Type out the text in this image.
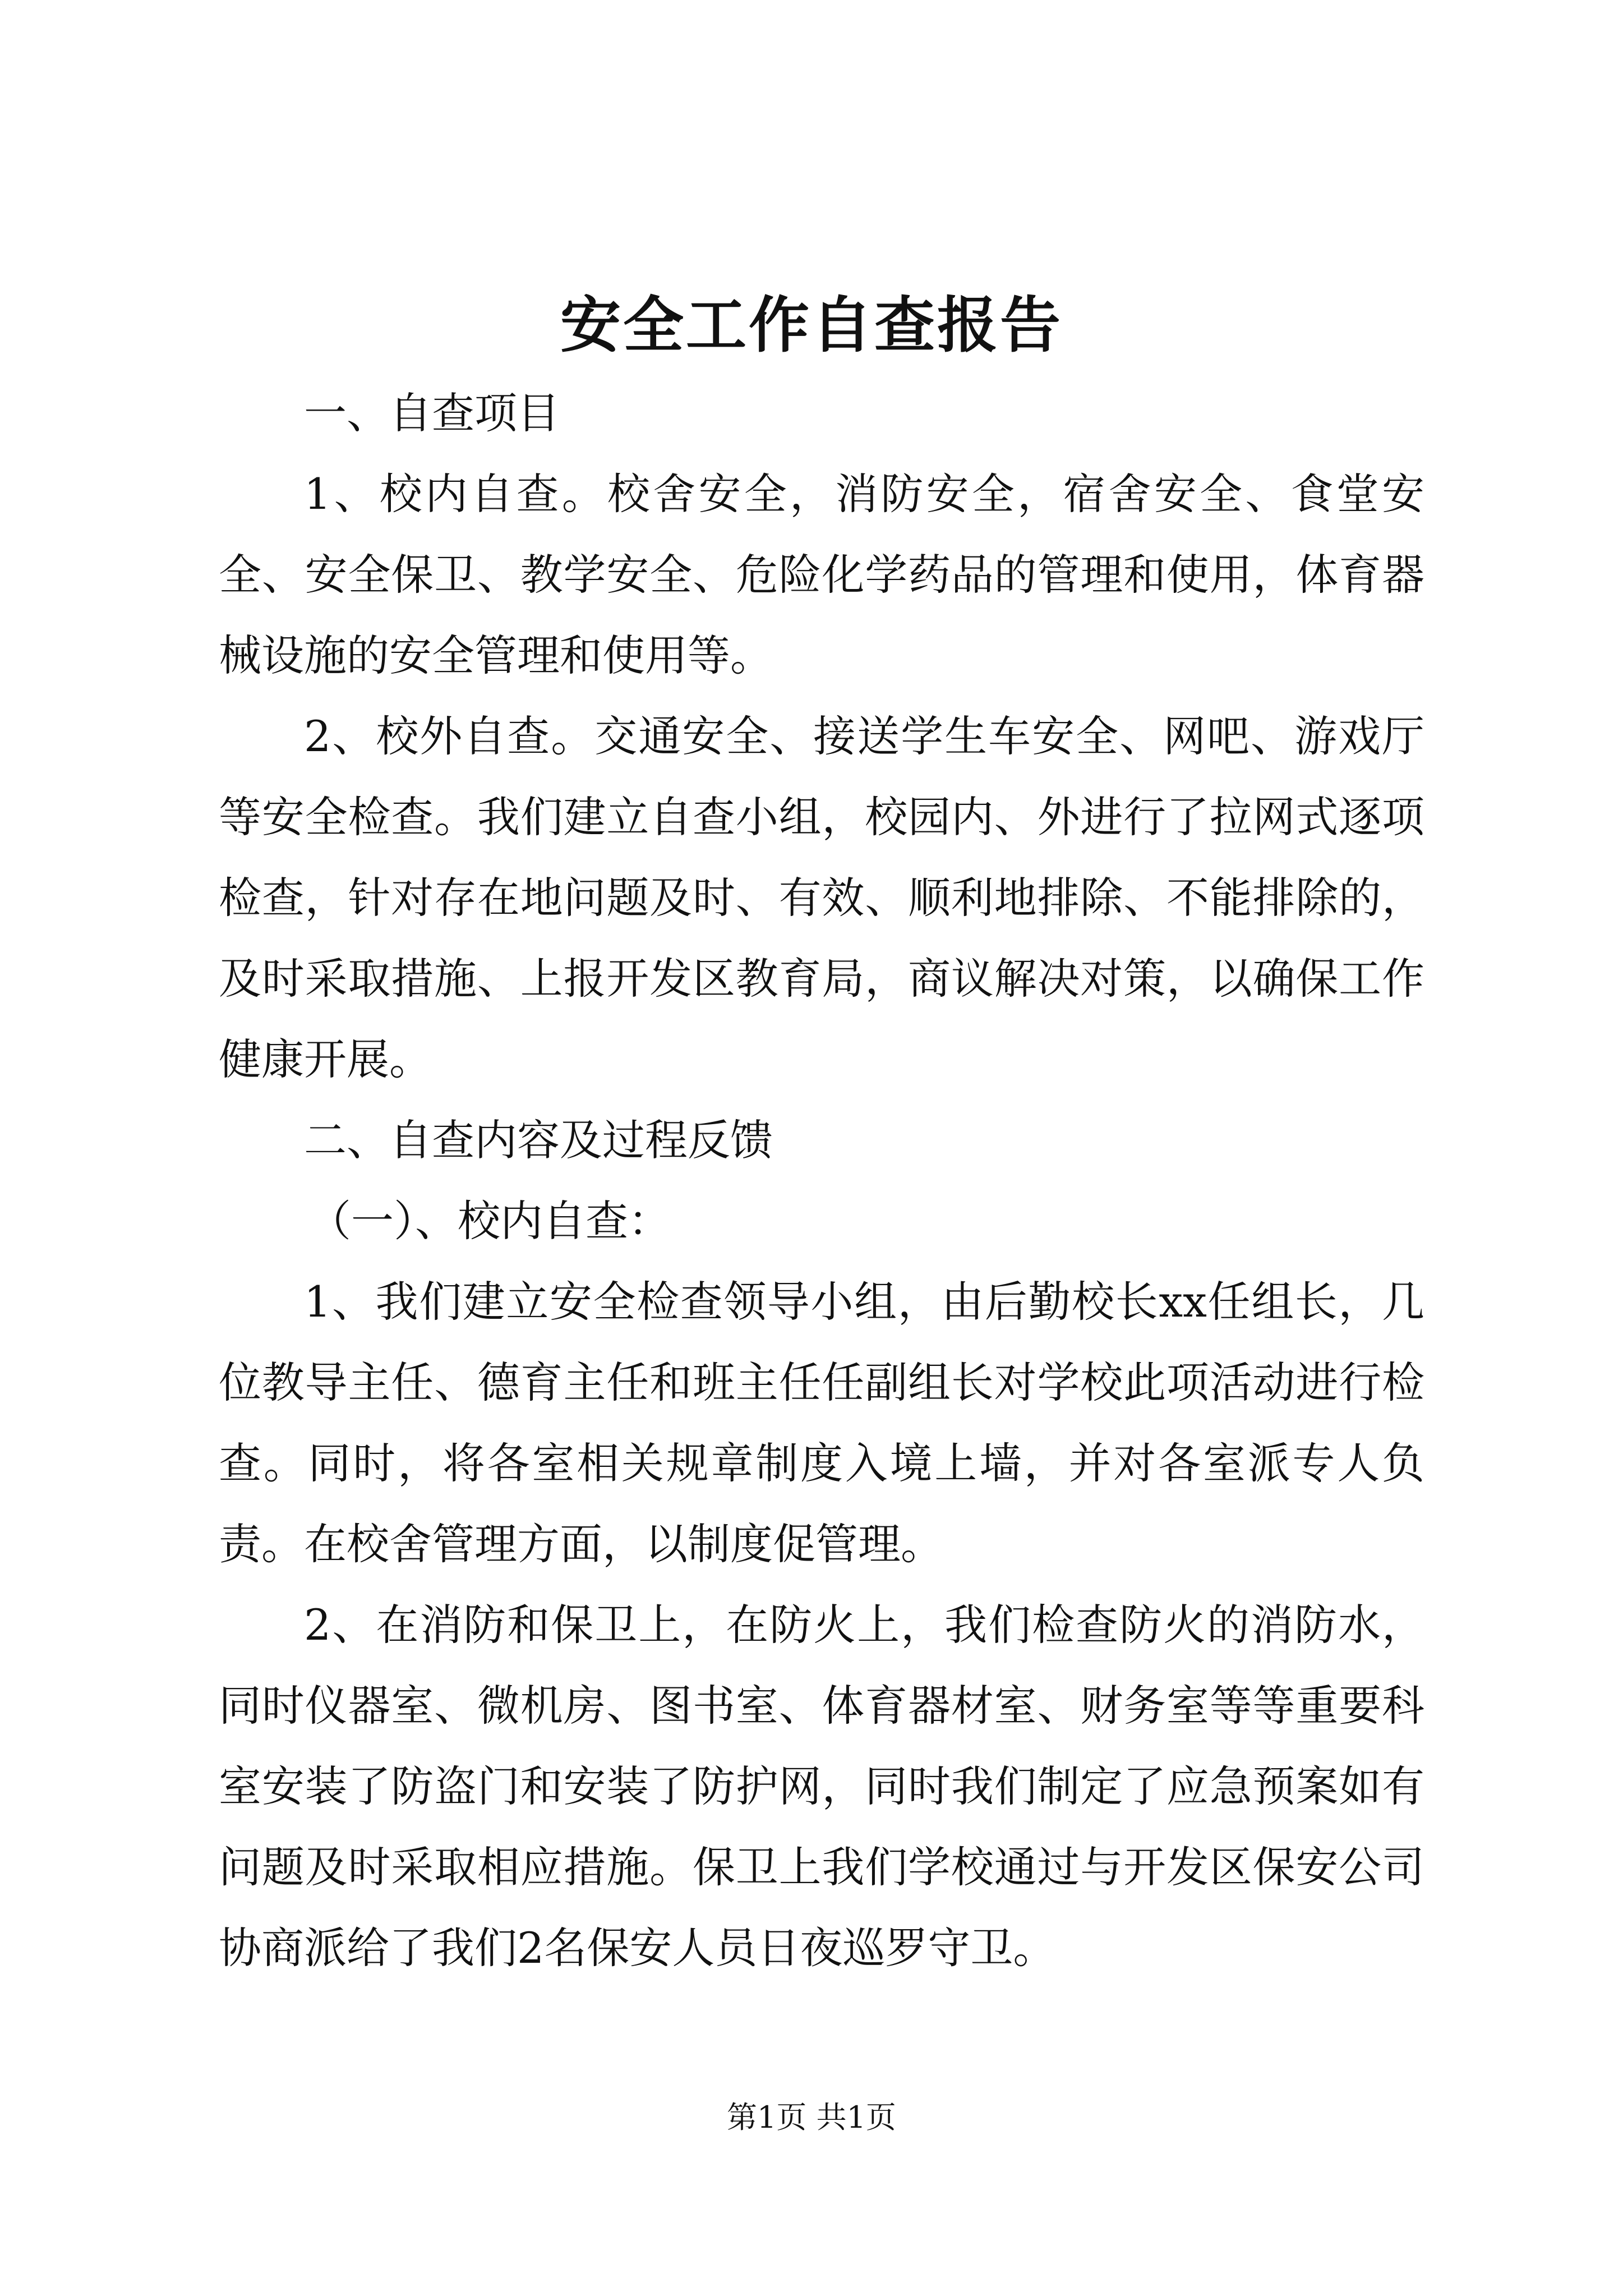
安全工作自查报告

一、自查项目

1、校内自查。校舍安全，消防安全，宿舍安全、食堂安全、安全保卫、教学安全、危险化学药品的管理和使用，体育器械设施的安全管理和使用等。

2、校外自查。交通安全、接送学生车安全、网吧、游戏厅等安全检查。我们建立自查小组，校园内、外进行了拉网式逐项检查，针对存在地问题及时、有效、顺利地排除、不能排除的，及时采取措施、上报开发区教育局，商议解决对策，以确保工作健康开展。

二、自查内容及过程反馈

（一）、校内自查：

1、我们建立安全检查领导小组，由后勤校长xx任组长，几位教导主任、德育主任和班主任任副组长对学校此项活动进行检查。同时，将各室相关规章制度入境上墙，并对各室派专人负责。在校舍管理方面，以制度促管理。

2、在消防和保卫上，在防火上，我们检查防火的消防水，同时仪器室、微机房、图书室、体育器材室、财务室等等重要科室安装了防盗门和安装了防护网，同时我们制定了应急预案如有问题及时采取相应措施。保卫上我们学校通过与开发区保安公司协商派给了我们2名保安人员日夜巡罗守卫。

第1页 共1页
